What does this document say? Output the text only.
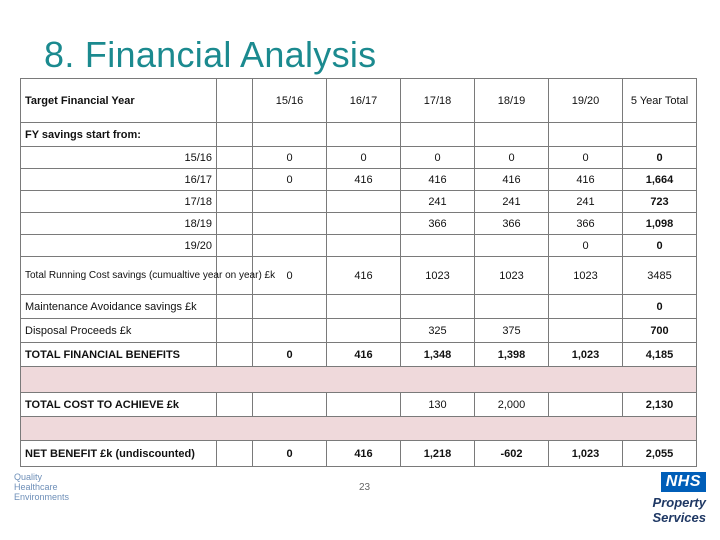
8. Financial Analysis
Target Financial Year		15/16	16/17	17/18	18/19	19/20	5 Year Total
FY savings start from:							
15/16		0	0	0	0	0	0
16/17		0	416	416	416	416	1,664
17/18				241	241	241	723
18/19				366	366	366	1,098
19/20						0	0
Total Running Cost savings (cumualtive year on year) £k		0	416	1023	1023	1023	3485
Maintenance Avoidance savings £k							0
Disposal Proceeds £k				325	375		700
TOTAL FINANCIAL BENEFITS		0	416	1,348	1,398	1,023	4,185

TOTAL COST TO ACHIEVE £k				130	2,000		2,130

NET BENEFIT £k (undiscounted)		0	416	1,218	-602	1,023	2,055
Quality
Healthcare
Environments
23	NHS
Property Services
